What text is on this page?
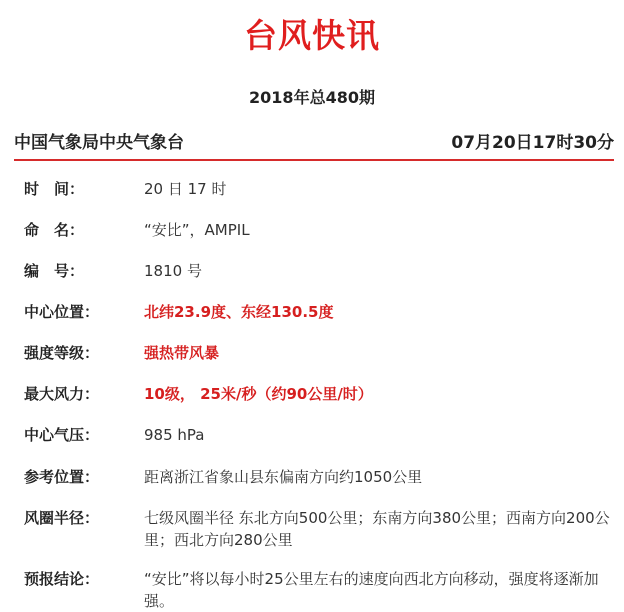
台风快讯
2018年总480期
中国气象局中央气象台	07月20日17时30分
时　间：	20 日 17 时
命　名：	“安比”，AMPIL
编　号：	1810 号
中心位置：	北纬23.9度、东经130.5度
强度等级：	强热带风暴
最大风力：	10级， 25米/秒（约90公里/时）
中心气压：	985 hPa
参考位置：	距离浙江省象山县东偏南方向约1050公里
风圈半径：	七级风圈半径 东北方向500公里；东南方向380公里；西南方向200公里；西北方向280公里
预报结论：	“安比”将以每小时25公里左右的速度向西北方向移动，强度将逐渐加强。
